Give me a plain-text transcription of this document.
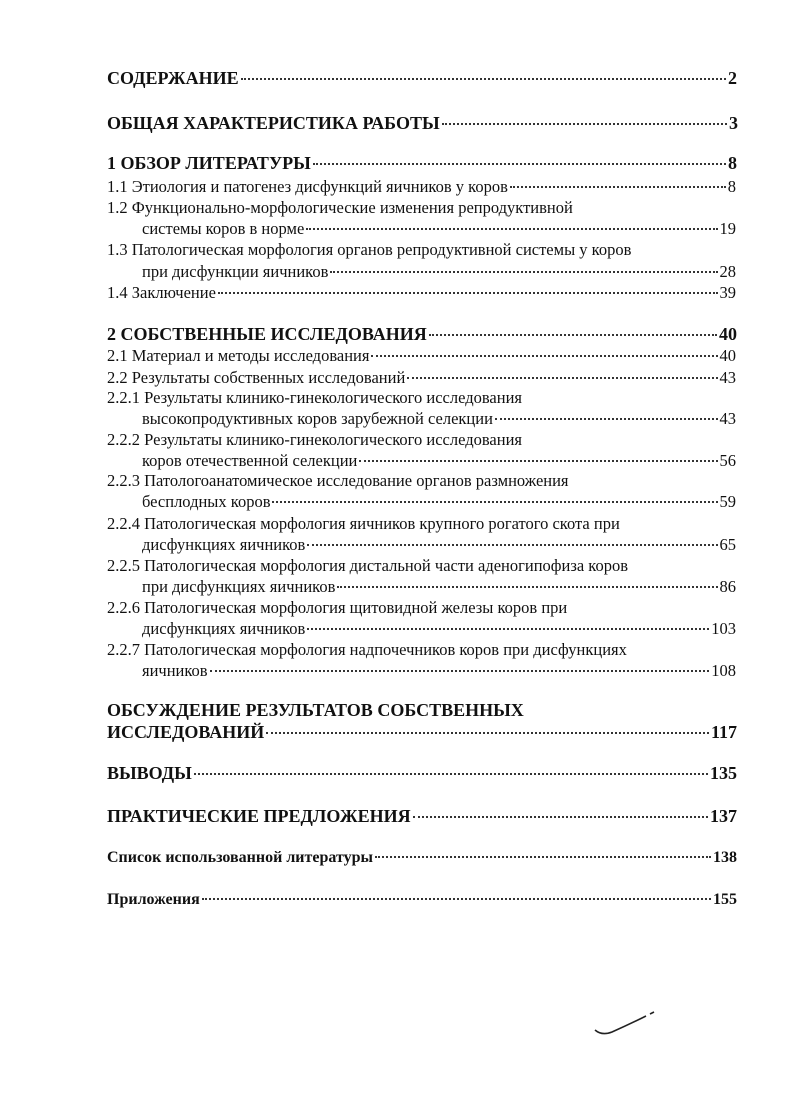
СОДЕРЖАНИЕ	2
ОБЩАЯ ХАРАКТЕРИСТИКА РАБОТЫ	3
1 ОБЗОР ЛИТЕРАТУРЫ	8
1.1 Этиология и патогенез дисфункций яичников у коров	8
1.2 Функционально-морфологические изменения репродуктивной
системы коров в норме	19
1.3 Патологическая морфология органов репродуктивной системы у коров
при дисфункции яичников	28
1.4 Заключение	39
2 СОБСТВЕННЫЕ ИССЛЕДОВАНИЯ	40
2.1 Материал и методы исследования	40
2.2 Результаты собственных исследований	43
2.2.1 Результаты клинико-гинекологического исследования
высокопродуктивных коров зарубежной селекции	43
2.2.2 Результаты клинико-гинекологического исследования
коров отечественной селекции	56
2.2.3 Патологоанатомическое исследование органов размножения
бесплодных коров	59
2.2.4 Патологическая морфология яичников крупного рогатого скота при
дисфункциях яичников	65
2.2.5 Патологическая морфология дистальной части аденогипофиза коров
при дисфункциях яичников	86
2.2.6 Патологическая морфология щитовидной железы коров при
дисфункциях яичников	103
2.2.7 Патологическая морфология надпочечников коров при дисфункциях
яичников	108
ОБСУЖДЕНИЕ РЕЗУЛЬТАТОВ СОБСТВЕННЫХ
ИССЛЕДОВАНИЙ	117
ВЫВОДЫ	135
ПРАКТИЧЕСКИЕ ПРЕДЛОЖЕНИЯ	137
Список использованной литературы	138
Приложения	155
